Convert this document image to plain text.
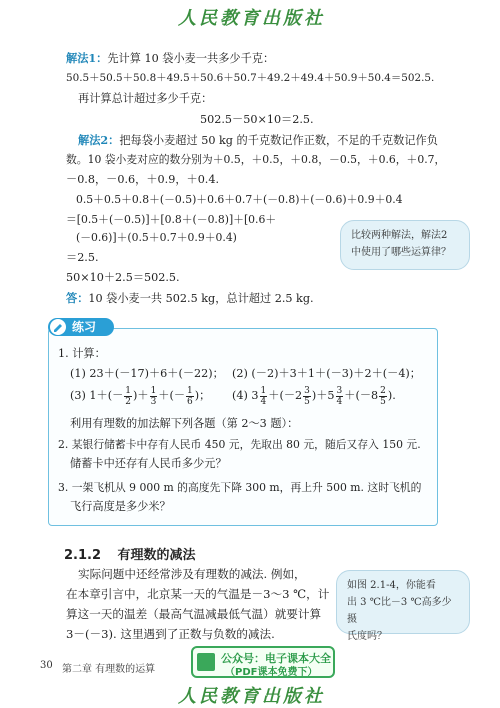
人民教育出版社
解法1：先计算 10 袋小麦一共多少千克：
50.5＋50.5＋50.8＋49.5＋50.6＋50.7＋49.2＋49.4＋50.9＋50.4＝502.5.
再计算总计超过多少千克：
502.5－50×10＝2.5.
解法2：把每袋小麦超过 50 kg 的千克数记作正数，不足的千克数记作负
数。10 袋小麦对应的数分别为＋0.5，＋0.5，＋0.8，－0.5，＋0.6，＋0.7，
－0.8，－0.6，＋0.9，＋0.4.
0.5＋0.5＋0.8＋(－0.5)＋0.6＋0.7＋(－0.8)＋(－0.6)＋0.9＋0.4
＝[0.5＋(－0.5)]＋[0.8＋(－0.8)]＋[0.6＋
(－0.6)]＋(0.5＋0.7＋0.9＋0.4)
＝2.5.
50×10＋2.5＝502.5.
答：10 袋小麦一共 502.5 kg，总计超过 2.5 kg.
比较两种解法，解法2
中使用了哪些运算律？
练习
1. 计算：
(1) 23＋(－17)＋6＋(－22)； (2) (－2)＋3＋1＋(－3)＋2＋(－4)；
(3) $1+(- \frac{1}{2}$ )＋ $\frac{1}{3}$ ＋(－ $\frac{1}{6}$ )； (4) $3 \frac{1}{4} +(-2 \frac{3}{5} )+5 \frac{3}{4} +(-8 \frac{2}{5}$ ).
利用有理数的加法解下列各题（第 2～3 题）：
2. 某银行储蓄卡中存有人民币 450 元，先取出 80 元，随后又存入 150 元.
储蓄卡中还存有人民币多少元？
3. 一架飞机从 9 000 m 的高度先下降 300 m，再上升 500 m. 这时飞机的
飞行高度是多少米？
2.1.2 有理数的减法
实际问题中还经常涉及有理数的减法. 例如，
在本章引言中，北京某一天的气温是－3～3 ℃，计
算这一天的温差（最高气温减最低气温）就要计算
3－(－3). 这里遇到了正数与负数的减法.
如图 2.1-4，你能看
出 3 ℃比－3 ℃高多少摄
氏度吗？
30 第二章 有理数的运算
公众号：电子课本大全
（PDF课本免费下）
人民教育出版社
